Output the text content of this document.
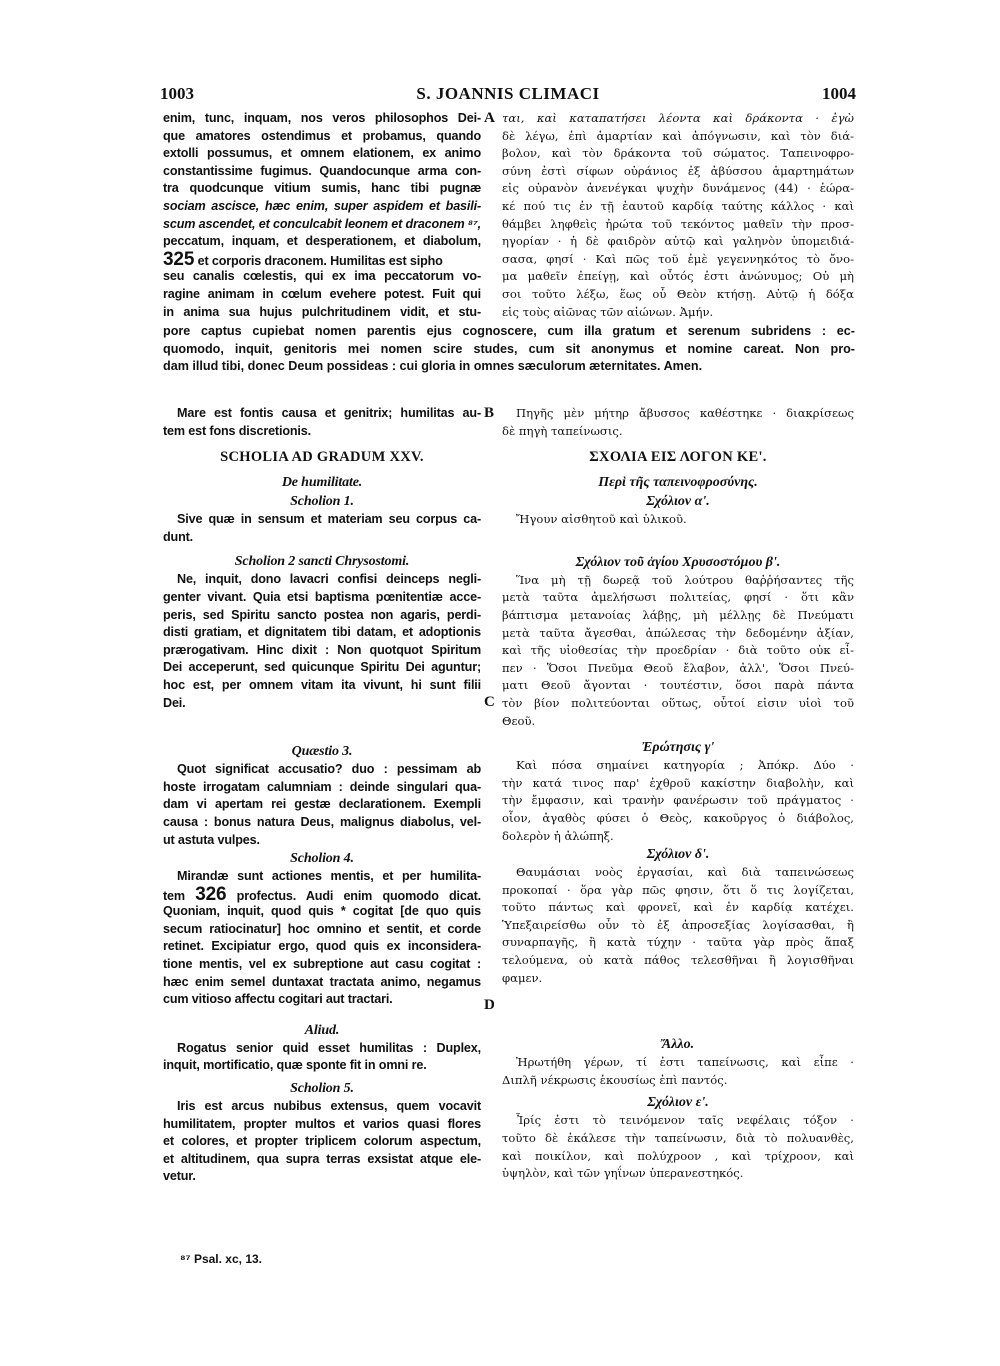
1003	S. JOANNIS CLIMACI	1004
A
B
C
D
enim, tunc, inquam, nos veros philosophos Dei-
que amatores ostendimus et probamus, quando
extolli possumus, et omnem elationem, ex animo
constantissime fugimus. Quandocunque arma con-
tra quodcunque vitium sumis, hanc tibi pugnæ
sociam ascisce, hæc enim, super aspidem et basili-
scum ascendet, et conculcabit leonem et draconem ⁸⁷,
peccatum, inquam, et desperationem, et diabolum,
325 et corporis draconem. Humilitas est sipho
seu canalis cœlestis, qui ex ima peccatorum vo-
ragine animam in cœlum evehere potest. Fuit qui
in anima sua hujus pulchritudinem vidit, et stu-
ται, καὶ καταπατήσει λέοντα καὶ δράκοντα · ἐγὼ
δὲ λέγω, ἐπὶ ἁμαρτίαν καὶ ἀπόγνωσιν, καὶ τὸν διά-
βολον, καὶ τὸν δράκοντα τοῦ σώματος. Ταπεινοφρο-
σύνη ἐστὶ σίφων οὐράνιος ἐξ ἀβύσσου ἁμαρτημάτων
εἰς οὐρανὸν ἀνενέγκαι ψυχὴν δυνάμενος (44) · ἑώρα-
κέ πού τις ἐν τῇ ἑαυτοῦ καρδίᾳ ταύτης κάλλος · καὶ
θάμβει ληφθεὶς ἠρώτα τοῦ τεκόντος μαθεῖν τὴν προσ-
ηγορίαν · ἡ δὲ φαιδρὸν αὐτῷ καὶ γαληνὸν ὑπομειδιά-
σασα, φησί · Καὶ πῶς τοῦ ἐμὲ γεγεννηκότος τὸ ὄνο-
μα μαθεῖν ἐπείγῃ, καὶ οὗτός ἐστι ἀνώνυμος; Οὐ μὴ
σοι τοῦτο λέξω, ἕως οὗ Θεὸν κτήσῃ. Αὐτῷ ἡ δόξα
εἰς τοὺς αἰῶνας τῶν αἰώνων. Ἀμήν.
pore captus cupiebat nomen parentis ejus cognoscere, cum illa gratum et serenum subridens : ec-
quomodo, inquit, genitoris mei nomen scire studes, cum sit anonymus et nomine careat. Non pro-
dam illud tibi, donec Deum possideas : cui gloria in omnes sæculorum æternitates. Amen.
Mare est fontis causa et genitrix; humilitas au-
tem est fons discretionis.
SCHOLIA AD GRADUM XXV.
De humilitate.
Scholion 1.
Sive quæ in sensum et materiam seu corpus ca-
dunt.
Scholion 2 sancti Chrysostomi.
Ne, inquit, dono lavacri confisi deinceps negli-
genter vivant. Quia etsi baptisma pœnitentiæ acce-
peris, sed Spiritu sancto postea non agaris, perdi-
disti gratiam, et dignitatem tibi datam, et adoptionis
prærogativam. Hinc dixit : Non quotquot Spiritum
Dei acceperunt, sed quicunque Spiritu Dei aguntur;
hoc est, per omnem vitam ita vivunt, hi sunt filii
Dei.
Quæstio 3.
Quot significat accusatio? duo : pessimam ab
hoste irrogatam calumniam : deinde singulari qua-
dam vi apertam rei gestæ declarationem. Exempli
causa : bonus natura Deus, malignus diabolus, vel-
ut astuta vulpes.
Scholion 4.
Mirandæ sunt actiones mentis, et per humilita-
tem 326 profectus. Audi enim quomodo dicat.
Quoniam, inquit, quod quis * cogitat [de quo quis
secum ratiocinatur] hoc omnino et sentit, et corde
retinet. Excipiatur ergo, quod quis ex inconsidera-
tione mentis, vel ex subreptione aut casu cogitat :
hæc enim semel duntaxat tractata animo, negamus
cum vitioso affectu cogitari aut tractari.
Aliud.
Rogatus senior quid esset humilitas : Duplex,
inquit, mortificatio, quæ sponte fit in omni re.
Scholion 5.
Iris est arcus nubibus extensus, quem vocavit
humilitatem, propter multos et varios quasi flores
et colores, et propter triplicem colorum aspectum,
et altitudinem, qua supra terras exsistat atque ele-
vetur.
Πηγῆς μὲν μήτηρ ἄβυσσος καθέστηκε · διακρίσεως
δὲ πηγὴ ταπείνωσις.
ΣΧΟΛΙΑ ΕΙΣ ΛΟΓΟΝ ΚΕ'.
Περὶ τῆς ταπεινοφροσύνης.
Σχόλιον α'.
Ἤγουν αἰσθητοῦ καὶ ὑλικοῦ.
Σχόλιον τοῦ ἁγίου Χρυσοστόμου β'.
Ἵνα μὴ τῇ δωρεᾷ τοῦ λούτρου θαῤῥήσαντες τῆς
μετὰ ταῦτα ἀμελήσωσι πολιτείας, φησί · ὅτι κἂν
βάπτισμα μετανοίας λάβῃς, μὴ μέλλῃς δὲ Πνεύματι
μετὰ ταῦτα ἄγεσθαι, ἀπώλεσας τὴν δεδομένην ἀξίαν,
καὶ τῆς υἱοθεσίας τὴν προεδρίαν · διὰ τοῦτο οὐκ εἶ-
πεν · Ὅσοι Πνεῦμα Θεοῦ ἔλαβον, ἀλλ', Ὅσοι Πνεύ-
ματι Θεοῦ ἄγονται · τουτέστιν, ὅσοι παρὰ πάντα
τὸν βίον πολιτεύονται οὕτως, οὗτοί εἰσιν υἱοὶ τοῦ
Θεοῦ.
Ἐρώτησις γ'
Καὶ πόσα σημαίνει κατηγορία ; Ἀπόκρ. Δύο ·
τὴν κατά τινος παρ' ἐχθροῦ κακίστην διαβολὴν, καὶ
τὴν ἔμφασιν, καὶ τρανὴν φανέρωσιν τοῦ πράγματος ·
οἷον, ἀγαθὸς φύσει ὁ Θεὸς, κακοῦργος ὁ διάβολος,
δολερὸν ἡ ἀλώπηξ.
Σχόλιον δ'.
Θαυμάσιαι νοὸς ἐργασίαι, καὶ διὰ ταπεινώσεως
προκοπαί · ὅρα γὰρ πῶς φησιν, ὅτι ὅ τις λογίζεται,
τοῦτο πάντως καὶ φρονεῖ, καὶ ἐν καρδίᾳ κατέχει.
Ὑπεξαιρείσθω οὖν τὸ ἐξ ἀπροσεξίας λογίσασθαι, ἢ
συναρπαγῆς, ἢ κατὰ τύχην · ταῦτα γὰρ πρὸς ἅπαξ
τελούμενα, οὐ κατὰ πάθος τελεσθῆναι ἢ λογισθῆναι
φαμεν.
Ἄλλο.
Ἠρωτήθη γέρων, τί ἐστι ταπείνωσις, καὶ εἶπε ·
Διπλῆ νέκρωσις ἑκουσίως ἐπὶ παντός.
Σχόλιον ε'.
Ἶρίς ἐστι τὸ τεινόμενον ταῖς νεφέλαις τόξον ·
τοῦτο δὲ ἐκάλεσε τὴν ταπείνωσιν, διὰ τὸ πολυανθὲς,
καὶ ποικίλον, καὶ πολύχροον , καὶ τρίχροον, καὶ
ὑψηλὸν, καὶ τῶν γηΐνων ὑπερανεστηκός.
⁸⁷ Psal. xc, 13.
